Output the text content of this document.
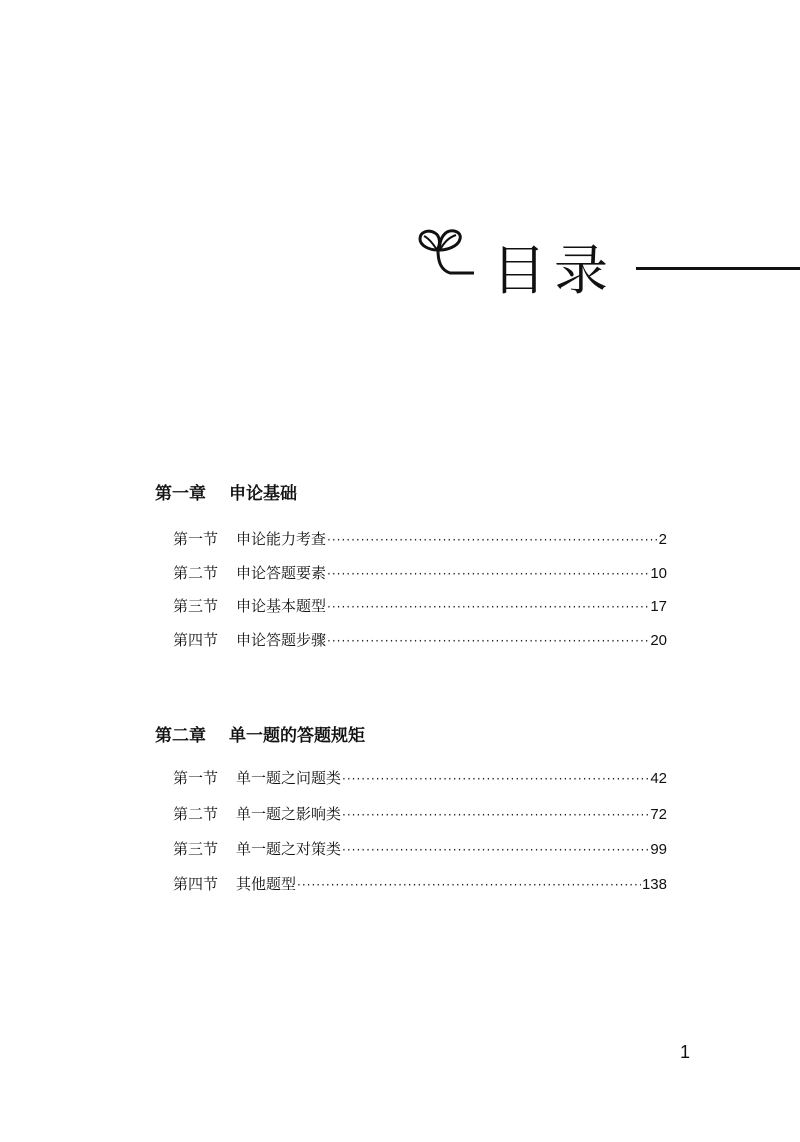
目录
第一章 申论基础
第一节	申论能力考查 ·····	2
第二节	申论答题要素 ·····	10
第三节	申论基本题型 ·····	17
第四节	申论答题步骤 ·····	20
第二章 单一题的答题规矩
第一节	单一题之问题类 ·····	42
第二节	单一题之影响类 ·····	72
第三节	单一题之对策类 ·····	99
第四节	其他题型 ·····	138
1
